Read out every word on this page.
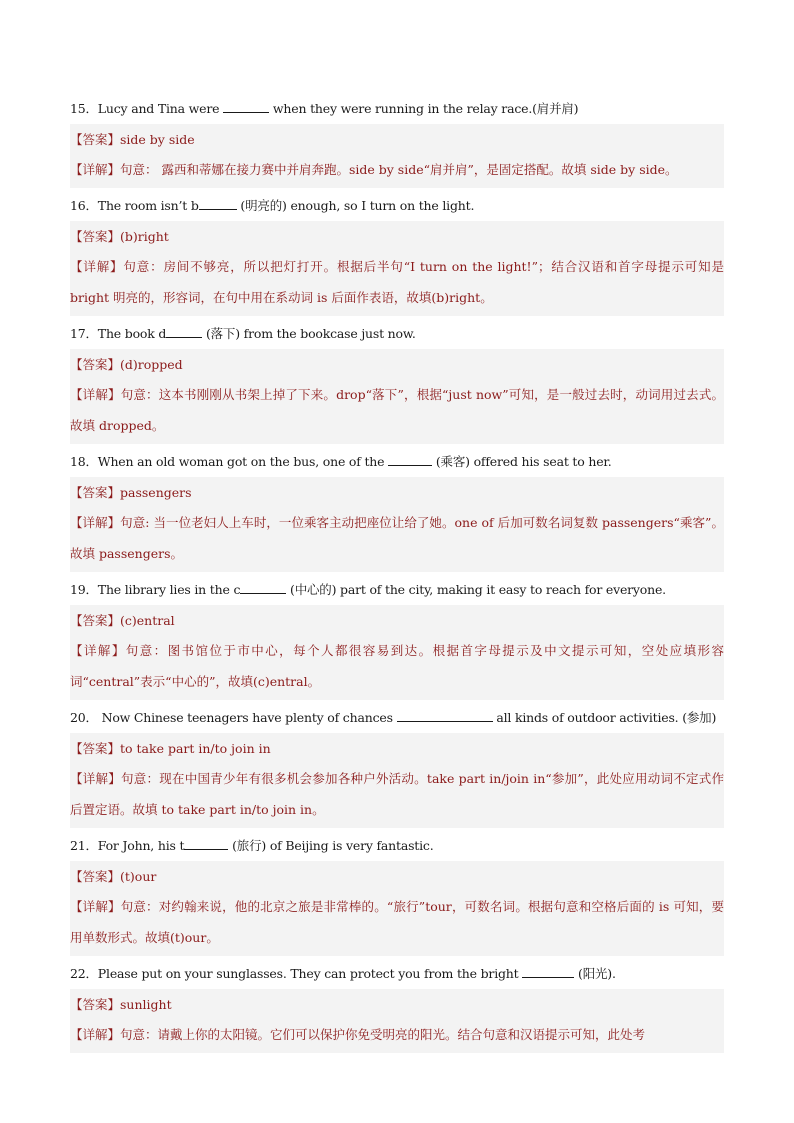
15．Lucy and Tina were	when they were running in the relay race.(肩并肩)
【答案】side by side
【详解】句意： 露西和蒂娜在接力赛中并肩奔跑。side by side“肩并肩”，是固定搭配。故填 side by side。
16．The room isn’t b	(明亮的) enough, so I turn on the light.
【答案】(b)right
【详解】句意：房间不够亮，所以把灯打开。根据后半句“I turn on the light!”；结合汉语和首字母提示可知是 bright 明亮的，形容词，在句中用在系动词 is 后面作表语，故填(b)right。
17．The book d	(落下) from the bookcase just now.
【答案】(d)ropped
【详解】句意：这本书刚刚从书架上掉了下来。drop“落下”，根据“just now”可知，是一般过去时，动词用过去式。故填 dropped。
18．When an old woman got on the bus, one of the	(乘客) offered his seat to her.
【答案】passengers
【详解】句意: 当一位老妇人上车时，一位乘客主动把座位让给了她。one of 后加可数名词复数 passengers“乘客”。故填 passengers。
19．The library lies in the c	(中心的) part of the city, making it easy to reach for everyone.
【答案】(c)entral
【详解】句意：图书馆位于市中心，每个人都很容易到达。根据首字母提示及中文提示可知，空处应填形容词“central”表示“中心的”，故填(c)entral。
20． Now Chinese teenagers have plenty of chances	all kinds of outdoor activities. (参加)
【答案】to take part in/to join in
【详解】句意：现在中国青少年有很多机会参加各种户外活动。take part in/join in“参加”，此处应用动词不定式作后置定语。故填 to take part in/to join in。
21．For John, his t	(旅行) of Beijing is very fantastic.
【答案】(t)our
【详解】句意：对约翰来说，他的北京之旅是非常棒的。“旅行”tour，可数名词。根据句意和空格后面的 is 可知，要用单数形式。故填(t)our。
22．Please put on your sunglasses. They can protect you from the bright	(阳光).
【答案】sunlight
【详解】句意：请戴上你的太阳镜。它们可以保护你免受明亮的阳光。结合句意和汉语提示可知，此处考
